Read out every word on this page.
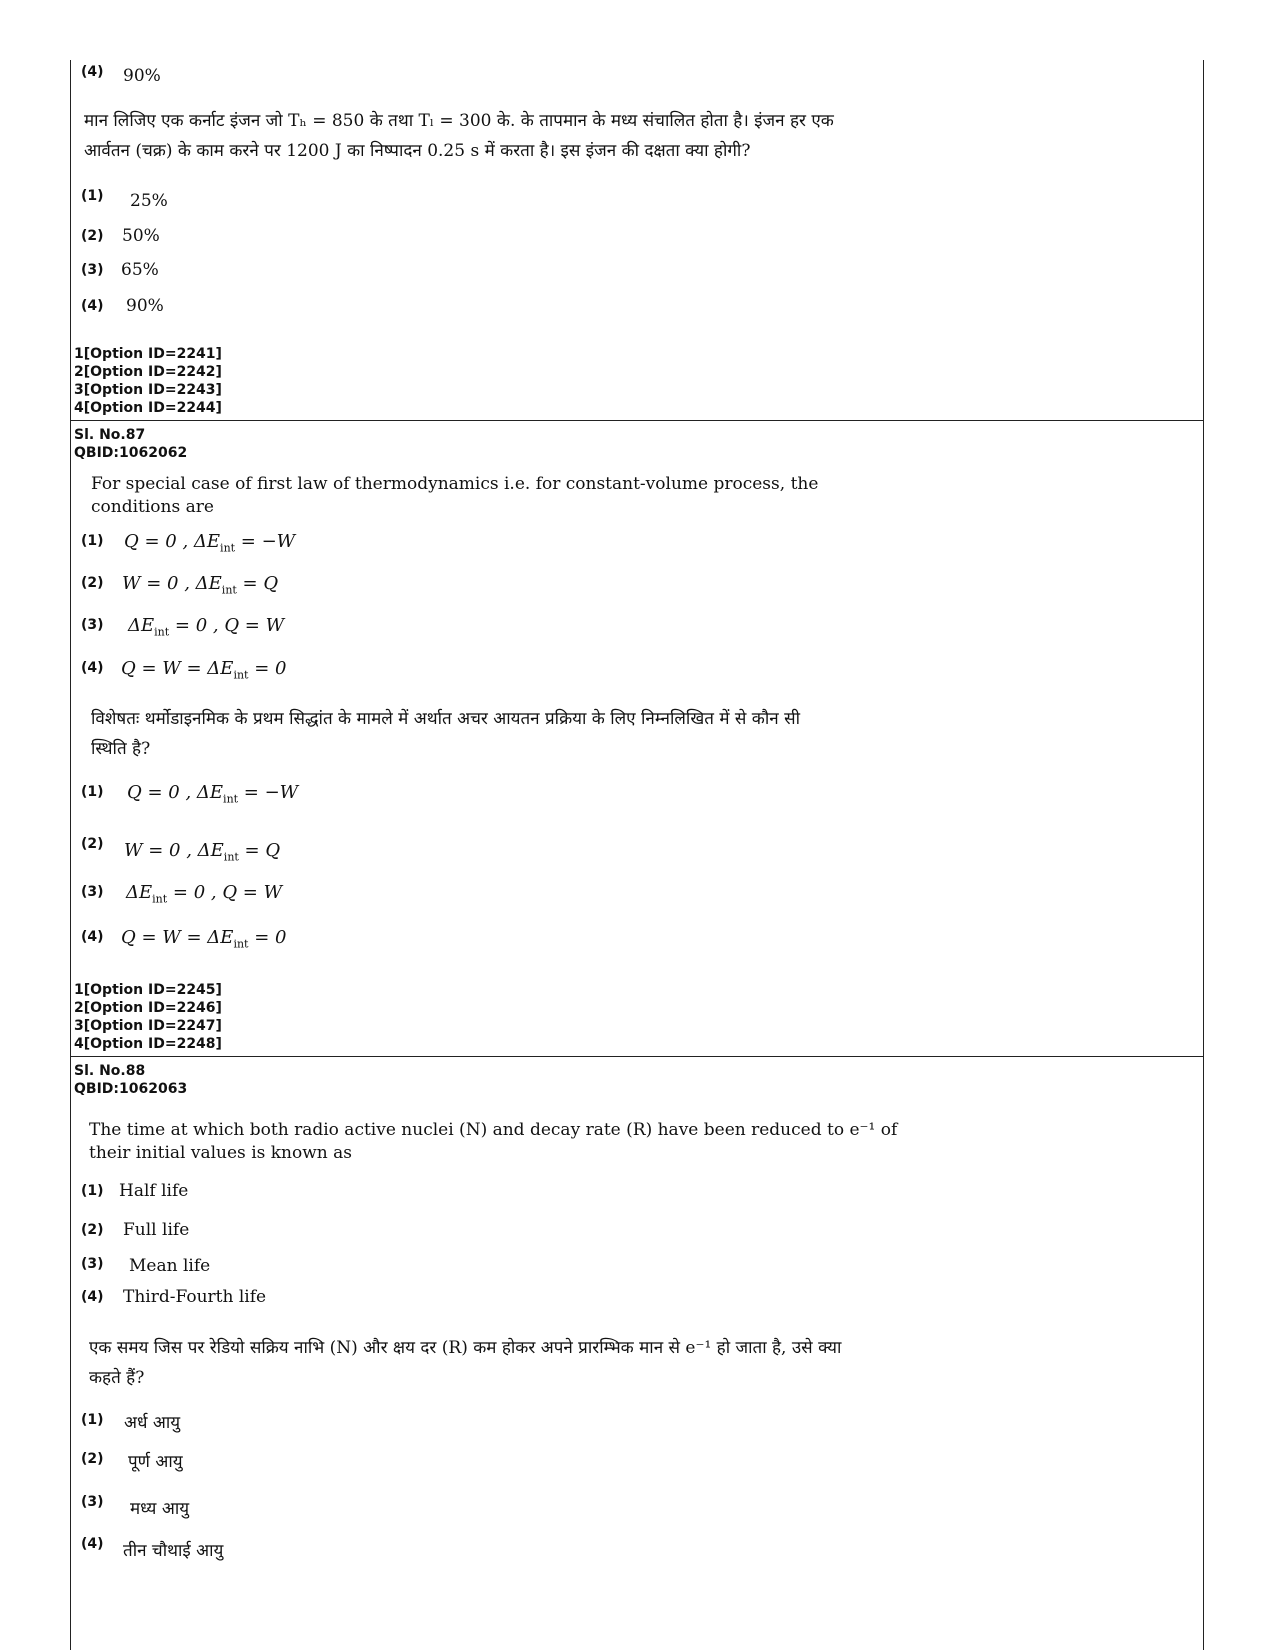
(4) 90%
मान लिजिए एक कर्नाट इंजन जो Tₕ = 850 के तथा Tₗ = 300 के. के तापमान के मध्य संचालित होता है। इंजन हर एक
आर्वतन (चक्र) के काम करने पर 1200 J का निष्पादन 0.25 s में करता है। इस इंजन की दक्षता क्या होगी?
(1) 25%
(2) 50%
(3) 65%
(4) 90%
1[Option ID=2241]
2[Option ID=2242]
3[Option ID=2243]
4[Option ID=2244]
Sl. No.87
QBID:1062062
For special case of first law of thermodynamics i.e. for constant-volume process, the
conditions are
(1) Q = 0 , $\Delta E_{int} = -W$
(2) W = 0 , $\Delta E_{int} = Q$
(3) $\Delta E_{int} = 0$ , Q = W
(4) $Q = W = \Delta E_{int} = 0$
विशेषतः थर्मोडाइनमिक के प्रथम सिद्धांत के मामले में अर्थात अचर आयतन प्रक्रिया के लिए निम्नलिखित में से कौन सी
स्थिति है?
(1) Q = 0 , $\Delta E_{int} = -W$
(2) W = 0 , $\Delta E_{int} = Q$
(3) $\Delta E_{int} = 0$ , Q = W
(4) $Q = W = \Delta E_{int} = 0$
1[Option ID=2245]
2[Option ID=2246]
3[Option ID=2247]
4[Option ID=2248]
Sl. No.88
QBID:1062063
The time at which both radio active nuclei (N) and decay rate (R) have been reduced to e⁻¹ of
their initial values is known as
(1) Half life
(2) Full life
(3) Mean life
(4) Third-Fourth life
एक समय जिस पर रेडियो सक्रिय नाभि (N) और क्षय दर (R) कम होकर अपने प्रारम्भिक मान से e⁻¹ हो जाता है, उसे क्या
कहते हैं?
(1) अर्ध आयु
(2) पूर्ण आयु
(3) मध्य आयु
(4) तीन चौथाई आयु
